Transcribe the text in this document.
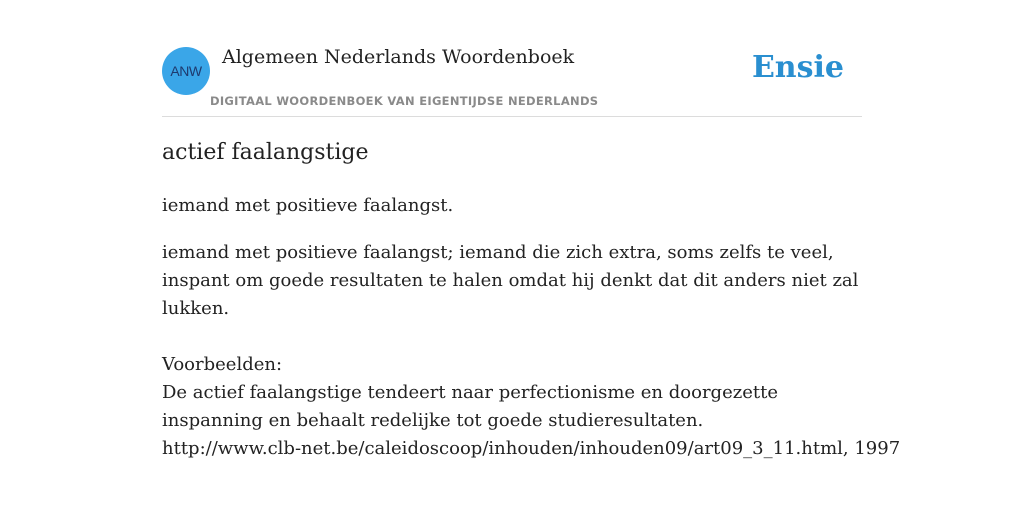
ANW
Algemeen Nederlands Woordenboek
DIGITAAL WOORDENBOEK VAN EIGENTIJDSE NEDERLANDS
Ensie
actief faalangstige
iemand met positieve faalangst.

iemand met positieve faalangst; iemand die zich extra, soms zelfs te veel, inspant om goede resultaten te halen omdat hij denkt dat dit anders niet zal lukken.

Voorbeelden:
De actief faalangstige tendeert naar perfectionisme en doorgezette inspanning en behaalt redelijke tot goede studieresultaten.
http://www.clb-net.be/caleidoscoop/inhouden/inhouden09/art09_3_11.html, 1997
